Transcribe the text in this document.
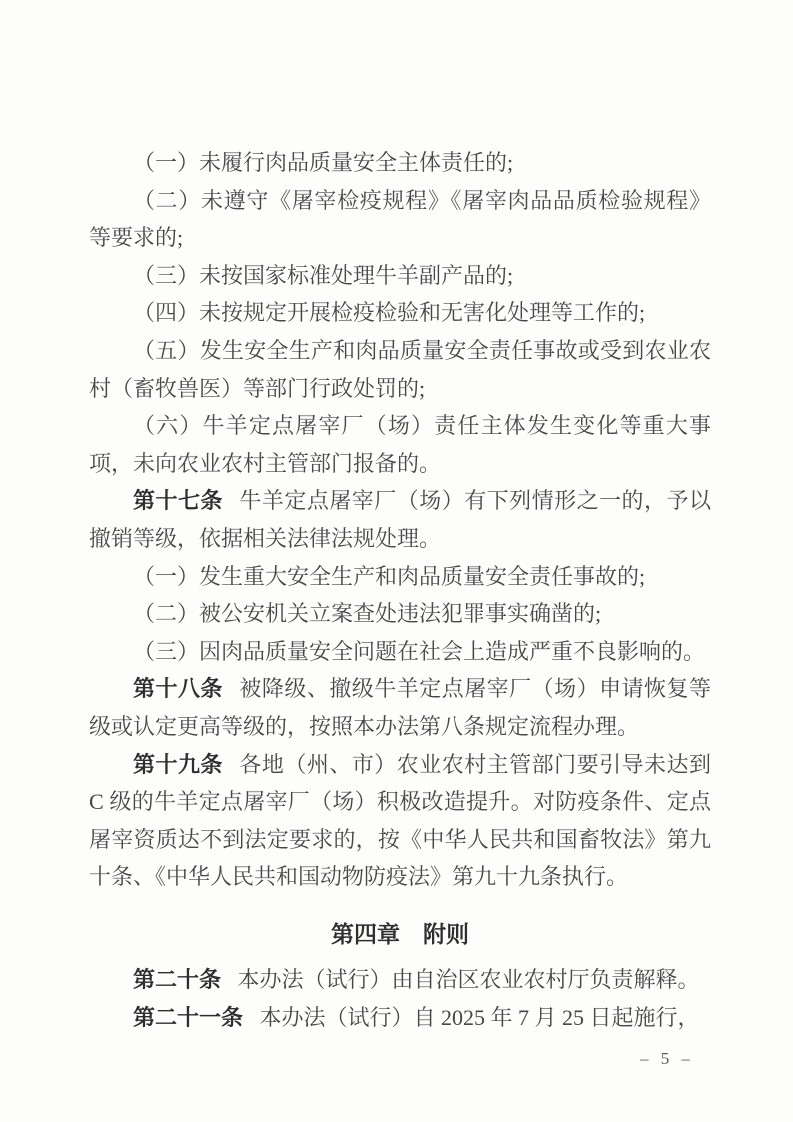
（一）未履行肉品质量安全主体责任的;

（二）未遵守《屠宰检疫规程》《屠宰肉品品质检验规程》等要求的;

（三）未按国家标准处理牛羊副产品的;

（四）未按规定开展检疫检验和无害化处理等工作的;

（五）发生安全生产和肉品质量安全责任事故或受到农业农村（畜牧兽医）等部门行政处罚的;

（六）牛羊定点屠宰厂（场）责任主体发生变化等重大事项，未向农业农村主管部门报备的。

第十七条 牛羊定点屠宰厂（场）有下列情形之一的，予以撤销等级，依据相关法律法规处理。

（一）发生重大安全生产和肉品质量安全责任事故的;

（二）被公安机关立案查处违法犯罪事实确凿的;

（三）因肉品质量安全问题在社会上造成严重不良影响的。

第十八条 被降级、撤级牛羊定点屠宰厂（场）申请恢复等级或认定更高等级的，按照本办法第八条规定流程办理。

第十九条 各地（州、市）农业农村主管部门要引导未达到 C 级的牛羊定点屠宰厂（场）积极改造提升。对防疫条件、定点屠宰资质达不到法定要求的，按《中华人民共和国畜牧法》第九十条、《中华人民共和国动物防疫法》第九十九条执行。

第四章　附则

第二十条 本办法（试行）由自治区农业农村厅负责解释。

第二十一条 本办法（试行）自 2025 年 7 月 25 日起施行，

– 5 –
